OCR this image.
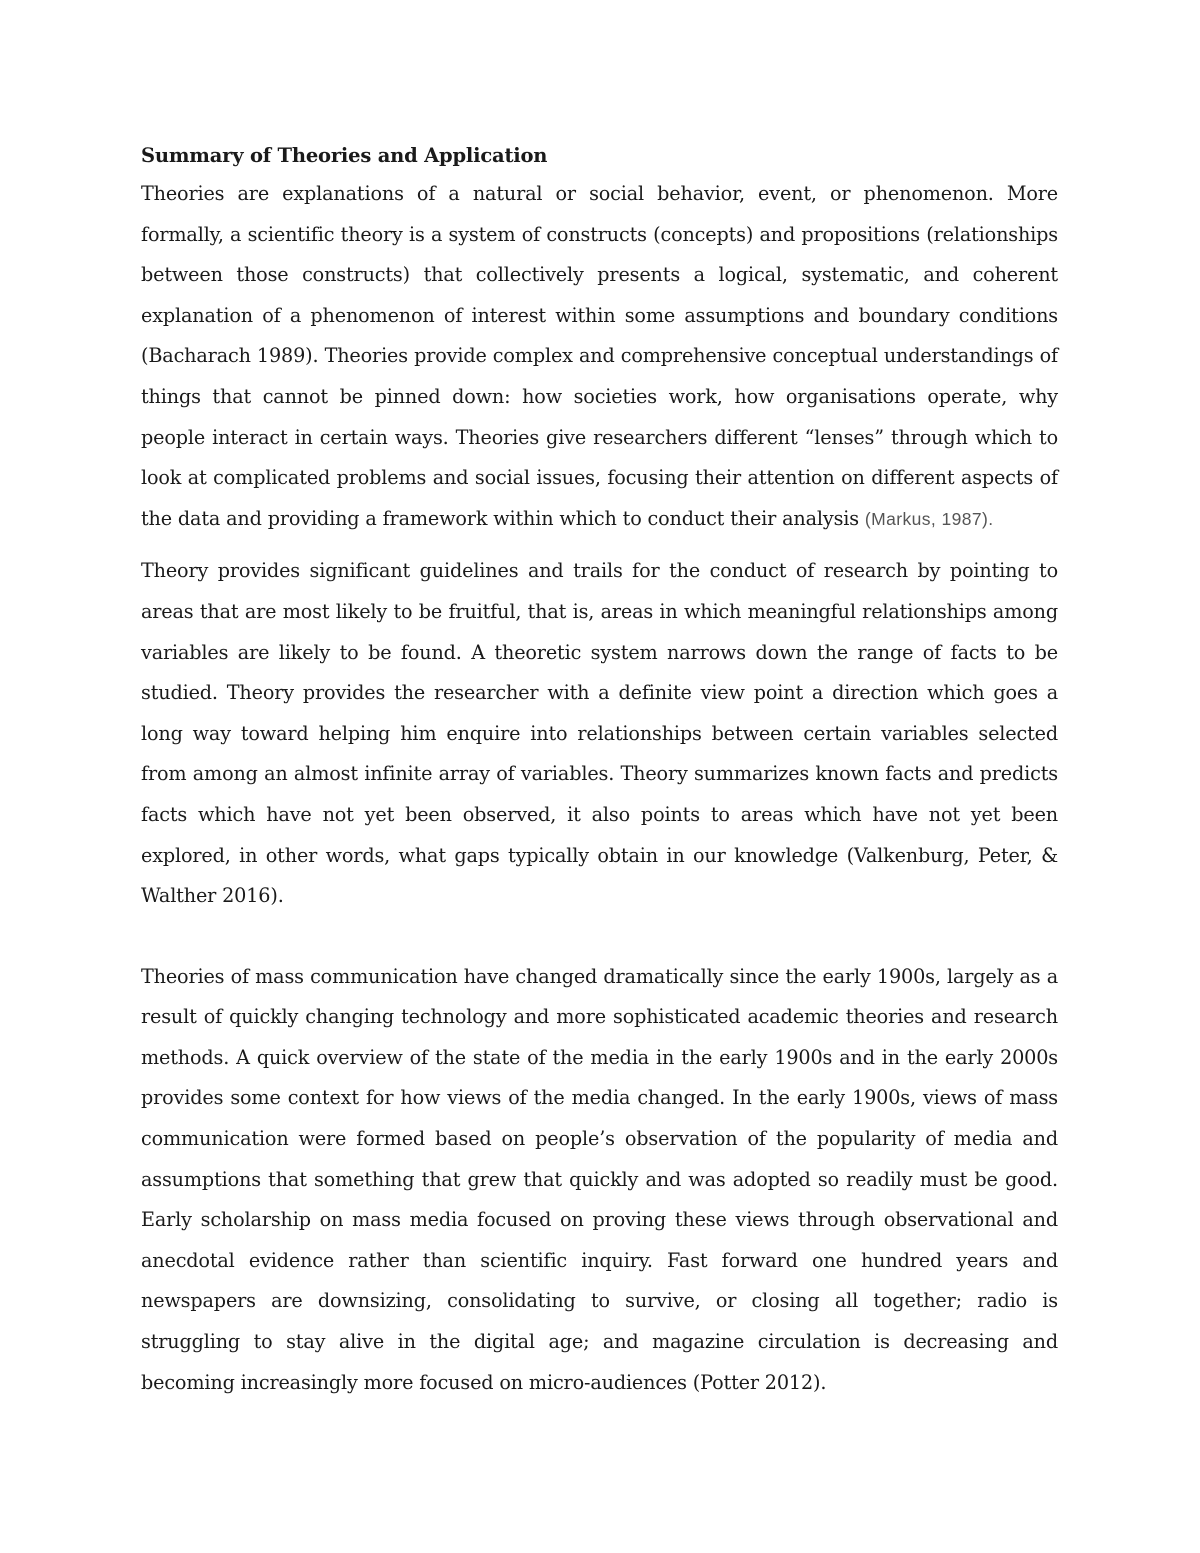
Summary of Theories and Application

Theories are explanations of a natural or social behavior, event, or phenomenon. More formally, a scientific theory is a system of constructs (concepts) and propositions (relationships between those constructs) that collectively presents a logical, systematic, and coherent explanation of a phenomenon of interest within some assumptions and boundary conditions (Bacharach 1989). Theories provide complex and comprehensive conceptual understandings of things that cannot be pinned down: how societies work, how organisations operate, why people interact in certain ways. Theories give researchers different “lenses” through which to look at complicated problems and social issues, focusing their attention on different aspects of the data and providing a framework within which to conduct their analysis (Markus, 1987).

Theory provides significant guidelines and trails for the conduct of research by pointing to areas that are most likely to be fruitful, that is, areas in which meaningful relationships among variables are likely to be found. A theoretic system narrows down the range of facts to be studied. Theory provides the researcher with a definite view point a direction which goes a long way toward helping him enquire into relationships between certain variables selected from among an almost infinite array of variables. Theory summarizes known facts and predicts facts which have not yet been observed, it also points to areas which have not yet been explored, in other words, what gaps typically obtain in our knowledge (Valkenburg, Peter, & Walther 2016).

Theories of mass communication have changed dramatically since the early 1900s, largely as a result of quickly changing technology and more sophisticated academic theories and research methods. A quick overview of the state of the media in the early 1900s and in the early 2000s provides some context for how views of the media changed. In the early 1900s, views of mass communication were formed based on people’s observation of the popularity of media and assumptions that something that grew that quickly and was adopted so readily must be good. Early scholarship on mass media focused on proving these views through observational and anecdotal evidence rather than scientific inquiry. Fast forward one hundred years and newspapers are downsizing, consolidating to survive, or closing all together; radio is struggling to stay alive in the digital age; and magazine circulation is decreasing and becoming increasingly more focused on micro-audiences (Potter 2012).
